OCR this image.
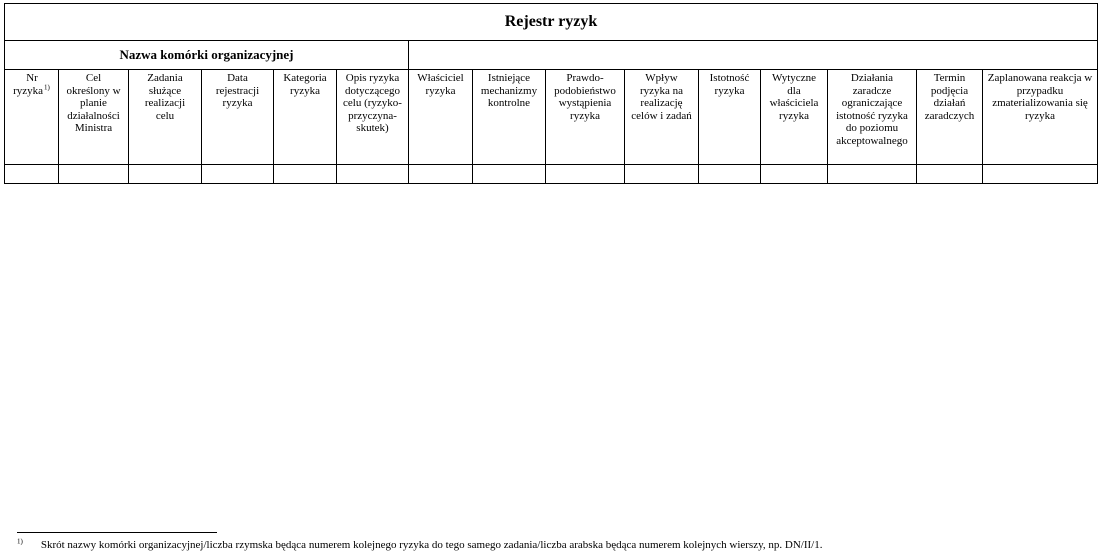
Rejestr ryzyk														
Nazwa komórki organizacyjnej														

Nr ryzyka$^{1)}$	Cel określony w planie działalności Ministra	Zadania służące realizacji celu	Data rejestracji ryzyka	Kategoria ryzyka	Opis ryzyka dotyczącego celu (ryzyko-przyczyna-skutek)	Właściciel ryzyka	Istniejące mechanizmy kontrolne	Prawdo-podobieństwo wystąpienia ryzyka	Wpływ ryzyka na realizację celów i zadań	Istotność ryzyka	Wytyczne dla właściciela ryzyka	Działania zaradcze ograniczające istotność ryzyka do poziomu akceptowalnego	Termin podjęcia działań zaradczych	Zaplanowana reakcja w przypadku zmaterializowania się ryzyka

$^{1)}$ Skrót nazwy komórki organizacyjnej/liczba rzymska będąca numerem kolejnego ryzyka do tego samego zadania/liczba arabska będąca numerem kolejnych wierszy, np. DN/II/1.
